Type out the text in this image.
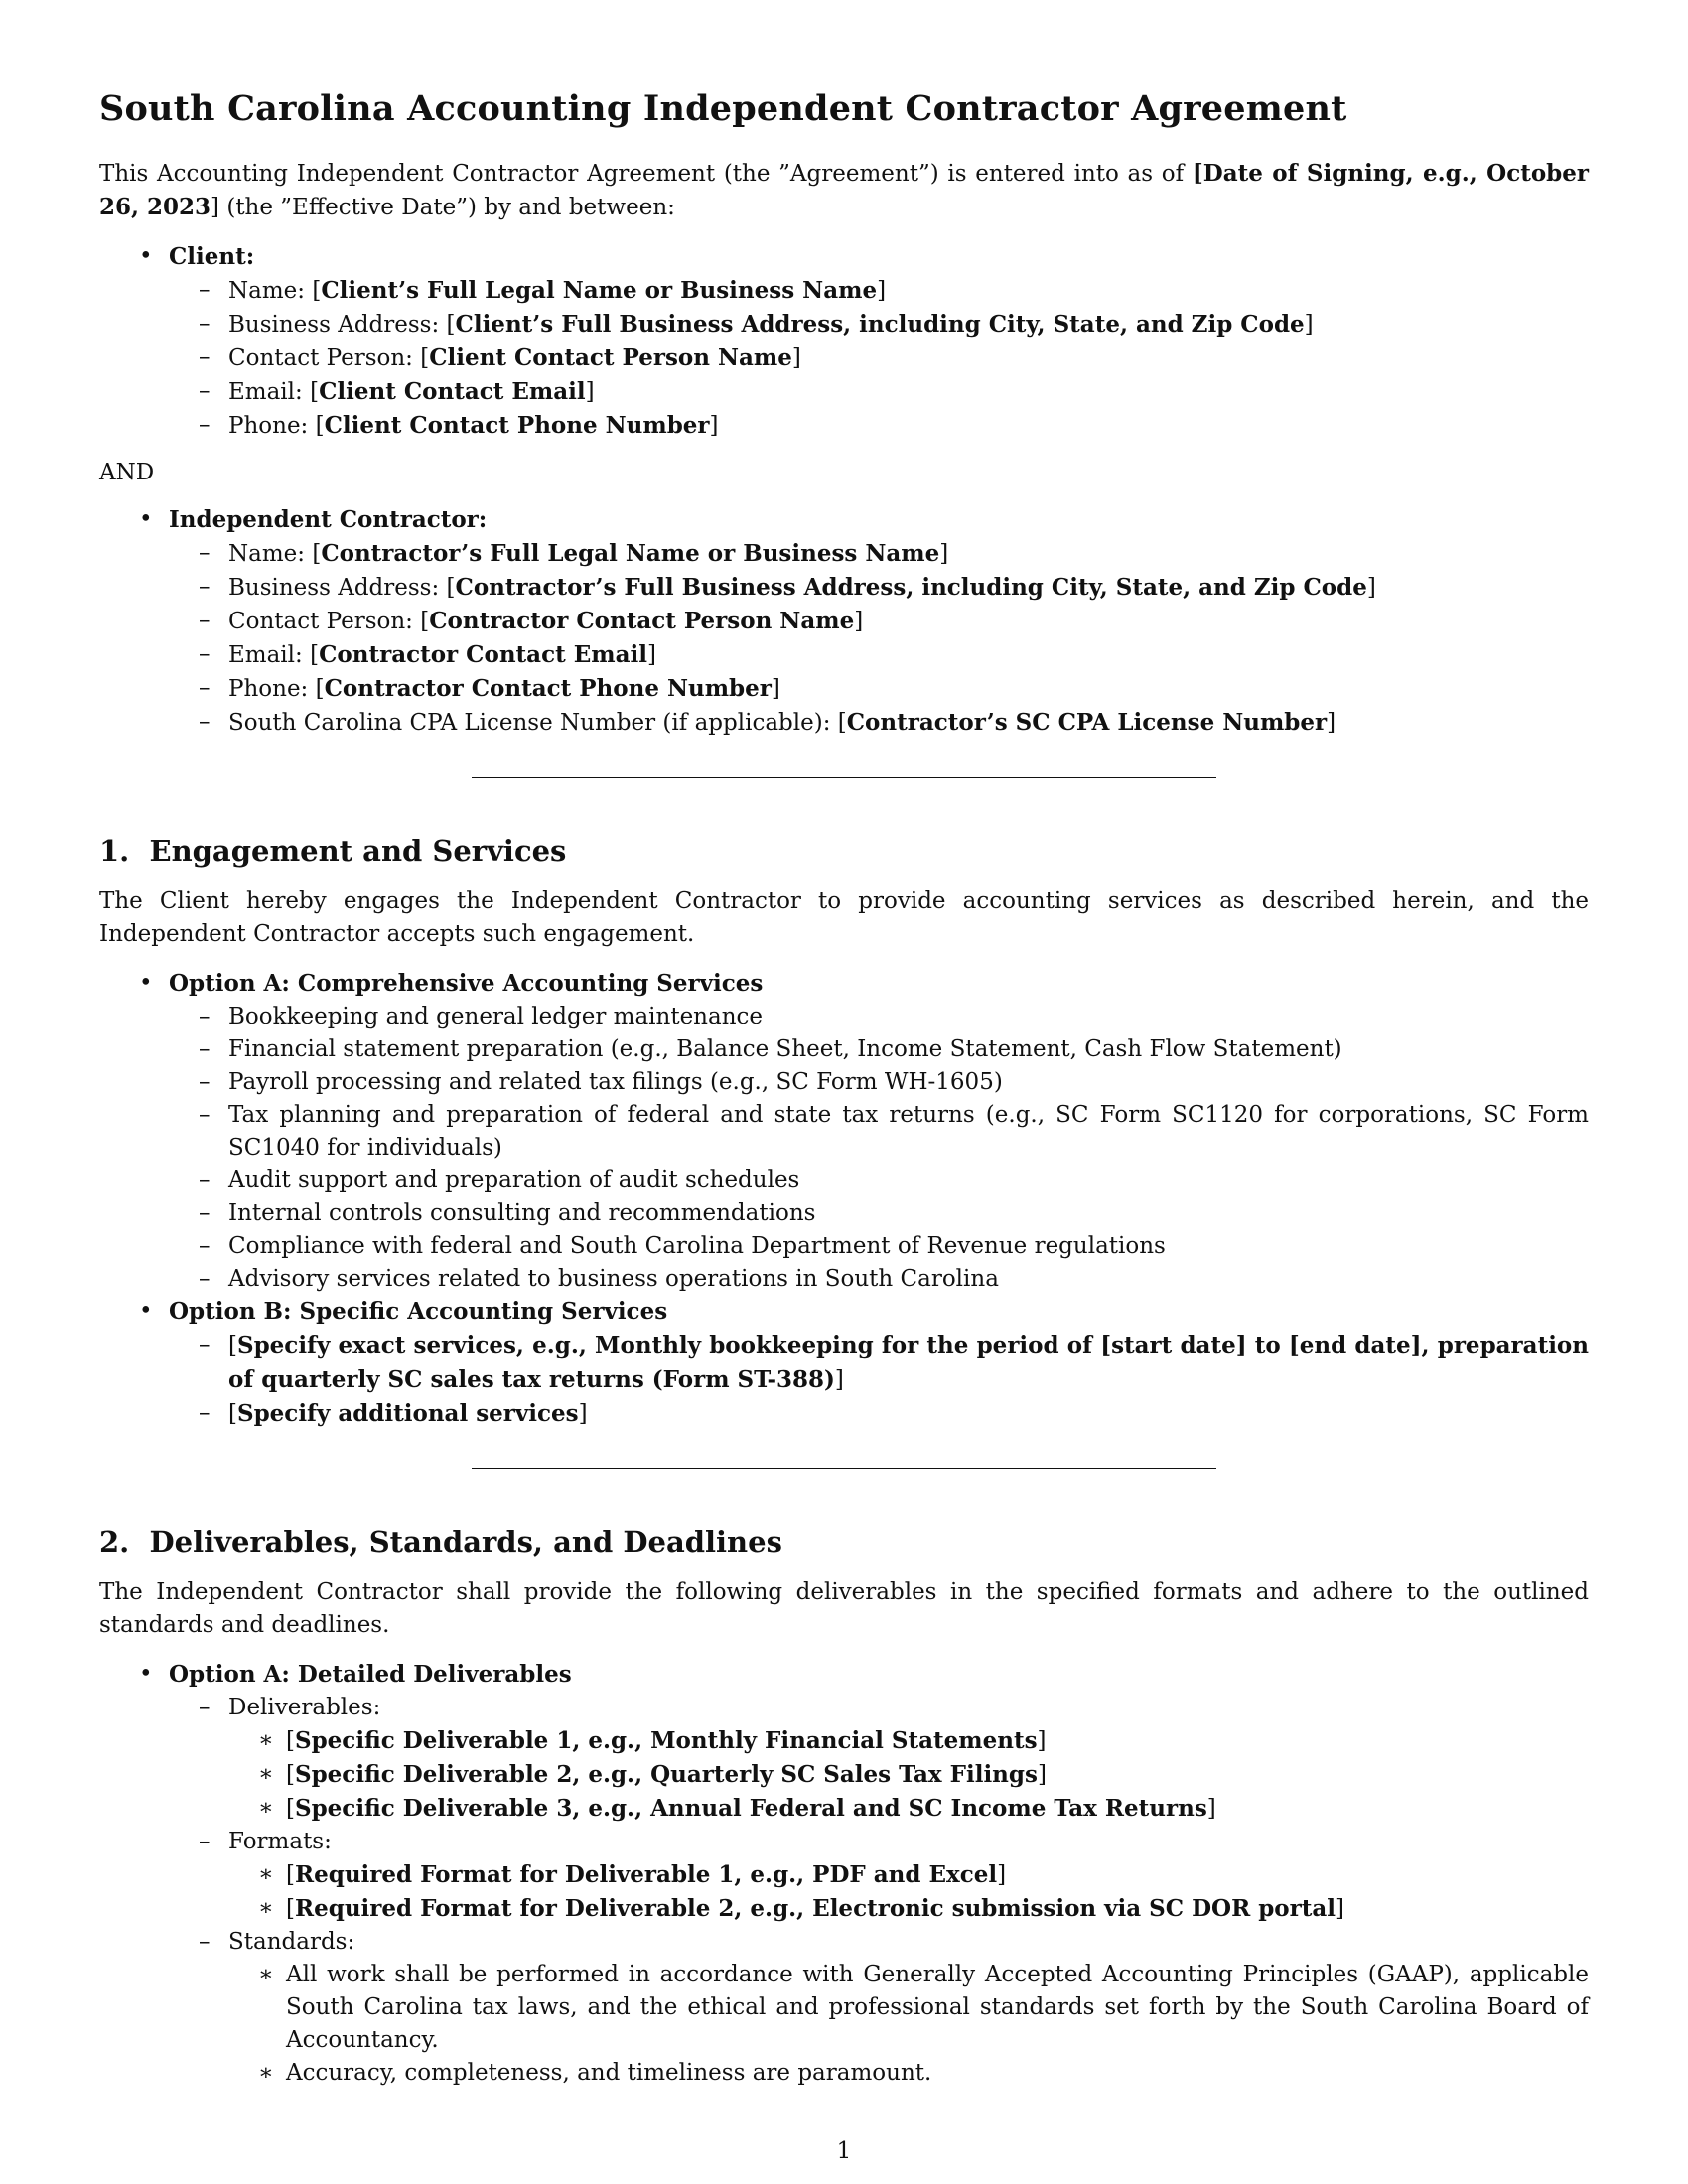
South Carolina Accounting Independent Contractor Agreement

This Accounting Independent Contractor Agreement (the ”Agreement”) is entered into as of [Date of Signing, e.g., October 26, 2023] (the ”Effective Date”) by and between:

• Client:
– Name: [Client’s Full Legal Name or Business Name]
– Business Address: [Client’s Full Business Address, including City, State, and Zip Code]
– Contact Person: [Client Contact Person Name]
– Email: [Client Contact Email]
– Phone: [Client Contact Phone Number]
AND
• Independent Contractor:
– Name: [Contractor’s Full Legal Name or Business Name]
– Business Address: [Contractor’s Full Business Address, including City, State, and Zip Code]
– Contact Person: [Contractor Contact Person Name]
– Email: [Contractor Contact Email]
– Phone: [Contractor Contact Phone Number]
– South Carolina CPA License Number (if applicable): [Contractor’s SC CPA License Number]
1.  Engagement and Services

The Client hereby engages the Independent Contractor to provide accounting services as described herein, and the Independent Contractor accepts such engagement.

• Option A: Comprehensive Accounting Services
– Bookkeeping and general ledger maintenance
– Financial statement preparation (e.g., Balance Sheet, Income Statement, Cash Flow Statement)
– Payroll processing and related tax filings (e.g., SC Form WH-1605)
– Tax planning and preparation of federal and state tax returns (e.g., SC Form SC1120 for corporations, SC Form SC1040 for individuals)
– Audit support and preparation of audit schedules
– Internal controls consulting and recommendations
– Compliance with federal and South Carolina Department of Revenue regulations
– Advisory services related to business operations in South Carolina
• Option B: Specific Accounting Services
– [Specify exact services, e.g., Monthly bookkeeping for the period of [start date] to [end date], preparation of quarterly SC sales tax returns (Form ST-388)]
– [Specify additional services]
2.  Deliverables, Standards, and Deadlines

The Independent Contractor shall provide the following deliverables in the specified formats and adhere to the outlined standards and deadlines.

• Option A: Detailed Deliverables
– Deliverables:
∗ [Specific Deliverable 1, e.g., Monthly Financial Statements]
∗ [Specific Deliverable 2, e.g., Quarterly SC Sales Tax Filings]
∗ [Specific Deliverable 3, e.g., Annual Federal and SC Income Tax Returns]
– Formats:
∗ [Required Format for Deliverable 1, e.g., PDF and Excel]
∗ [Required Format for Deliverable 2, e.g., Electronic submission via SC DOR portal]
– Standards:
∗ All work shall be performed in accordance with Generally Accepted Accounting Principles (GAAP), applicable South Carolina tax laws, and the ethical and professional standards set forth by the South Carolina Board of Accountancy.
∗ Accuracy, completeness, and timeliness are paramount.
1
